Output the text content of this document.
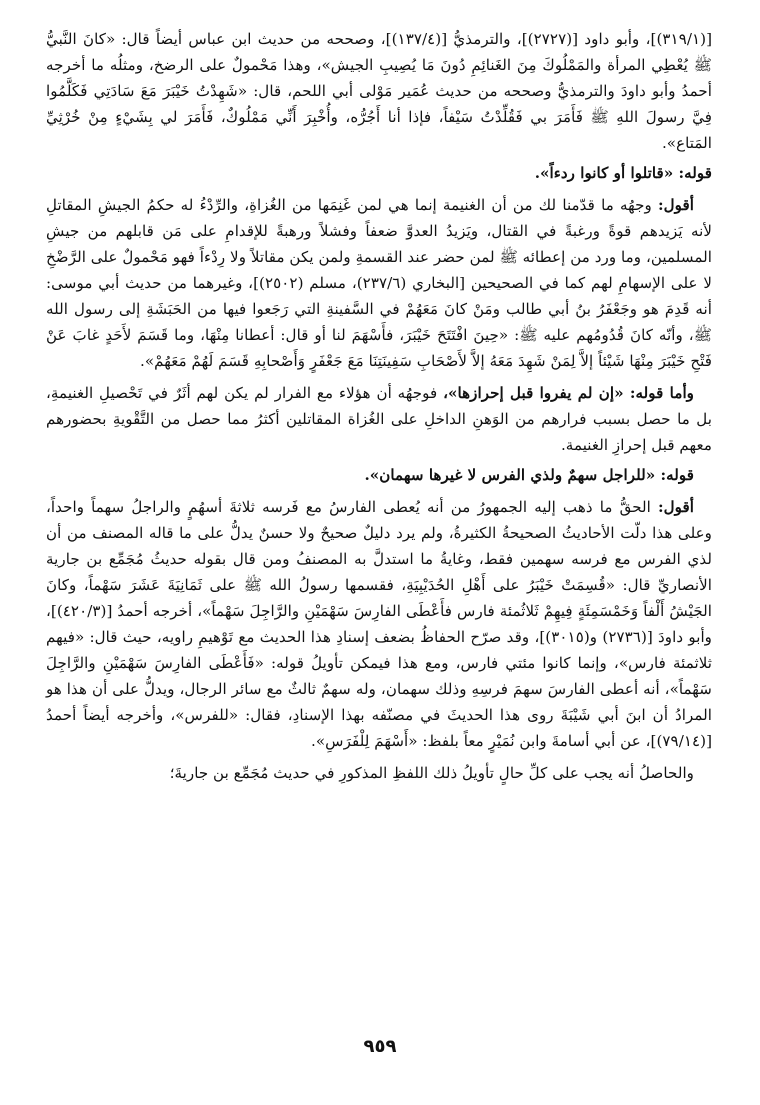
[(٣١٩/١)]، وأبو داود [(٢٧٢٧)]، والترمذيُّ [(١٣٧/٤)]، وصححه من حديث ابن عباس أيضاً قال: «كانَ النَّبيُّ ﷺ يُعْطِي المرأة والمَمْلُوكَ مِنَ الغَنائِمِ دُونَ مَا يُصِيبِ الجيش»، وهذا مَحْمولٌ على الرضخ، ومثلُه ما أخرجه أحمدُ وأبو داودَ والترمذيُّ وصححه من حديث عُمَير مَوْلى أبي اللحم، قال: «شَهِدْتُ خَيْبَرَ مَعَ سَادَتِي فَكَلَّمُوا فِيَّ رسولَ اللهِ ﷺ فَأَمَرَ بي فَقُلِّدْتُ سَيْفاً، فإذا أنا أَجُرُّه، وأُخْبِرَ أَنِّي مَمْلُوكٌ، فَأَمَرَ لي بِشَيْءٍ مِنْ خُرْثِيِّ المَتاع».

قوله: «قاتلوا أو كانوا ردءاً».

أقول: وجهُه ما قدّمنا لك من أن الغنيمة إنما هي لمن غَنِمَها من الغُزاةِ، والرِّدْءُ له حكمُ الجيشِ المقاتلِ لأنه يَزيدهم قوةً ورغبةً في القتال، ويَزيدُ العدوَّ ضعفاً وفشلاً ورهبةً للإقدامِ على مَن قابلهم من جيشِ المسلمين، وما ورد من إعطائه ﷺ لمن حضر عند القسمةِ ولمن يكن مقاتلاً ولا رِدْءاً فهو مَحْمولٌ على الرَّضْخِ لا على الإسهامِ لهم كما في الصحيحين [البخاري (٢٣٧/٦)، مسلم (٢٥٠٢)]، وغيرهما من حديث أبي موسى: أنه قَدِمَ هو وجَعْفَرُ بنُ أبي طالب ومَنْ كانَ مَعَهُمْ في السَّفينةِ التي رَجَعوا فيها من الحَبَشَةِ إلى رسول الله ﷺ، وأنّه كانَ قُدُومُهم عليه ﷺ: «حِينَ افْتَتَحَ خَيْبَرَ، فأَسْهَمَ لنا أو قال: أعطانا مِنْهَا، وما قَسَمَ لأَحَدٍ غابَ عَنْ فَتْحِ خَيْبَرَ مِنْهَا شَيْئاً إلاَّ لِمَنْ شَهِدَ مَعَهُ إلاَّ لأَصْحَابِ سَفِينَتِنَا مَعَ جَعْفَرٍ وَأَصْحابِهِ قَسَمَ لَهُمْ مَعَهُمْ».

وأما قوله: «إن لم يفروا قبل إحرازها»، فوجهُه أن هؤلاء مع الفرار لم يكن لهم أثَرٌ في تَحْصيلِ الغنيمةِ، بل ما حصل بسبب فرارهم من الوَهنِ الداخلِ على الغُزاة المقاتلين أكثرُ مما حصل من التَّقْويةِ بحضورهم معهم قبل إحرازِ الغنيمة.

قوله: «للراجل سهمٌ ولذي الفرس لا غيرها سهمان».

أقول: الحقُّ ما ذهب إليه الجمهورُ من أنه يُعطى الفارسُ مع فَرسه ثلاثةَ أسهُمٍ والراجلُ سهماً واحداً، وعلى هذا دلّت الأحاديثُ الصحيحةُ الكثيرةُ، ولم يرد دليلٌ صحيحٌ ولا حسنٌ يدلُّ على ما قاله المصنف من أن لذي الفرس مع فرسه سهمين فقط، وغايةُ ما استدلَّ به المصنفُ ومن قال بقوله حديثُ مُجَمِّع بن جارية الأنصاريِّ قال: «قُسِمَتْ خَيْبَرُ على أَهْلِ الحُدَيْبِيَةِ، فقسمها رسولُ الله ﷺ على ثَمَانِيَةَ عَشَرَ سَهْماً، وكانَ الجَيْشُ أَلْفاً وَخَمْسَمِئَةٍ فِيهِمْ ثَلاثُمئة فارس فأَعْطَى الفارِسَ سَهْمَيْنِ والرَّاجِلَ سَهْماً»، أخرجه أحمدُ [(٤٢٠/٣)]، وأبو داودَ [(٢٧٣٦) و(٣٠١٥)]، وقد صرّح الحفاظُ بضعف إسنادِ هذا الحديث مع تَوْهيمِ راويه، حيث قال: «فيهم ثلاثمئة فارس»، وإنما كانوا مئتي فارس، ومع هذا فيمكن تأويلُ قوله: «فَأَعْطَى الفارِسَ سَهْمَيْنِ والرَّاجِلَ سَهْماً»، أنه أعطى الفارسَ سهمَ فرسِهِ وذلك سهمان، وله سهمٌ ثالثٌ مع سائر الرجال، ويدلُّ على أن هذا هو المرادُ أن ابنَ أبي شَيْبَةَ روى هذا الحديثَ في مصنّفه بهذا الإسنادِ، فقال: «للفرس»، وأخرجه أيضاً أحمدُ [(٧٩/١٤)]، عن أبي أسامةَ وابن نُمَيْرٍ معاً بلفظ: «أَسْهَمَ لِلْفَرَسِ».

والحاصلُ أنه يجب على كلِّ حالٍ تأويلُ ذلك اللفظِ المذكورِ في حديث مُجَمِّع بن جاريةَ؛

٩٥٩
